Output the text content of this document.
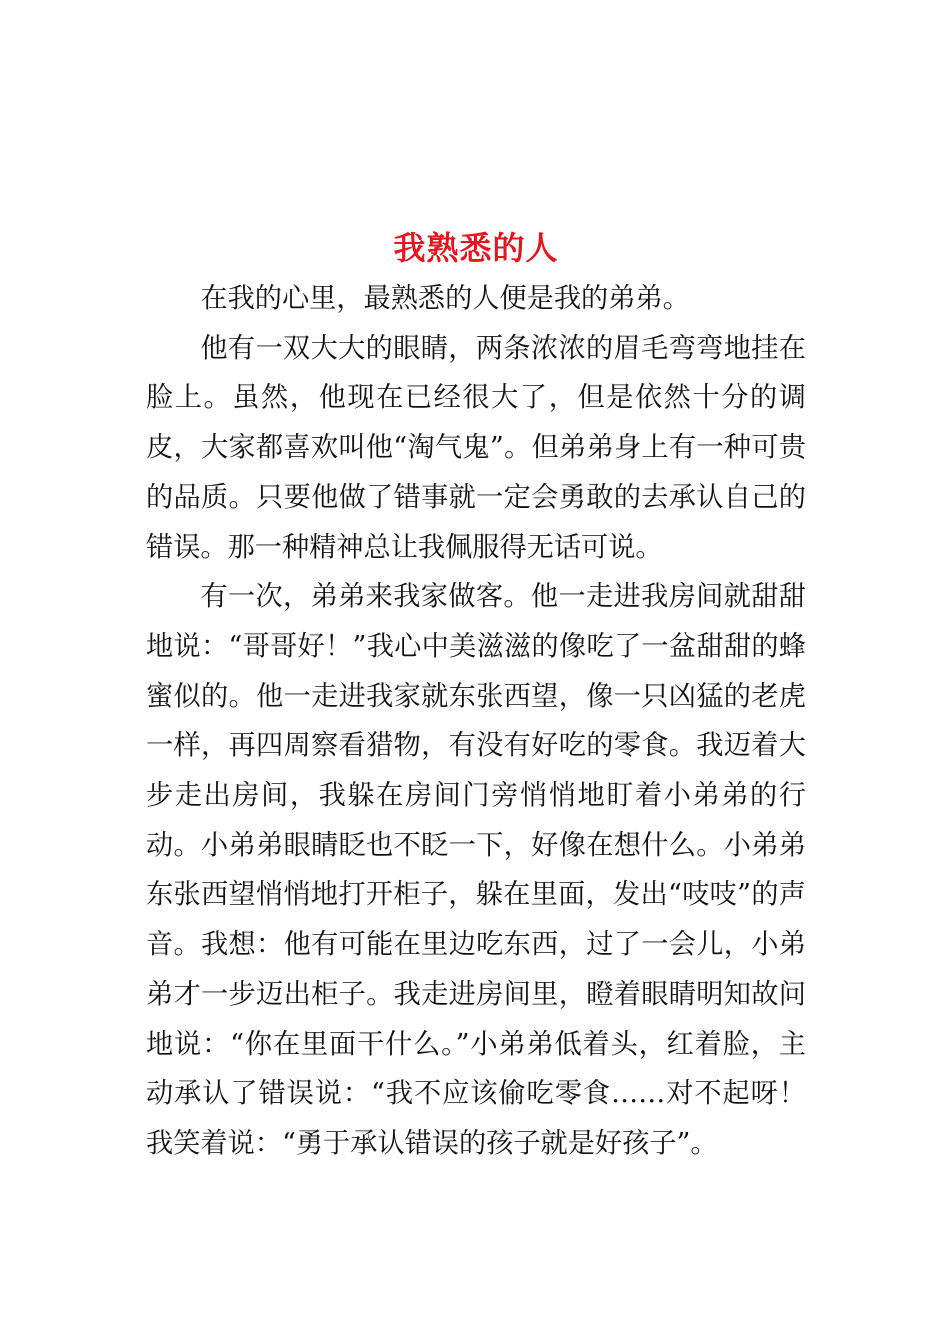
我熟悉的人

在我的心里，最熟悉的人便是我的弟弟。

他有一双大大的眼睛，两条浓浓的眉毛弯弯地挂在脸上。虽然，他现在已经很大了，但是依然十分的调皮，大家都喜欢叫他“淘气鬼”。但弟弟身上有一种可贵的品质。只要他做了错事就一定会勇敢的去承认自己的错误。那一种精神总让我佩服得无话可说。

有一次，弟弟来我家做客。他一走进我房间就甜甜地说：“哥哥好！”我心中美滋滋的像吃了一盆甜甜的蜂蜜似的。他一走进我家就东张西望，像一只凶猛的老虎一样，再四周察看猎物，有没有好吃的零食。我迈着大步走出房间，我躲在房间门旁悄悄地盯着小弟弟的行动。小弟弟眼睛眨也不眨一下，好像在想什么。小弟弟东张西望悄悄地打开柜子，躲在里面，发出“吱吱”的声音。我想：他有可能在里边吃东西，过了一会儿，小弟弟才一步迈出柜子。我走进房间里，瞪着眼睛明知故问地说：“你在里面干什么。”小弟弟低着头，红着脸，主动承认了错误说：“我不应该偷吃零食……对不起呀！我笑着说：“勇于承认错误的孩子就是好孩子”。
